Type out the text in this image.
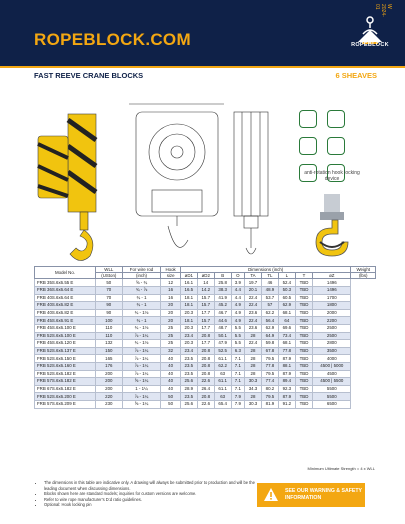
ROPEBLOCK.COM	ROPEBLOCK
W 2024-01
FAST REEVE CRANE BLOCKS	6 SHEAVES

anti-rotation hook locking device
Model No.	WLL	For wire rod	Hook	Dimensions (inch)									Weight
	(USton)	(inch)	size	øD1	øD2	B	O	TA	TL	L	T	øZ	(lbs)
FRB 35S.6x6.55 E	50	⅝ - ¾	12	16.1	14	25.8	3.9	19.7	46	52.4	TBD	1496	
FRB 36S.6x6.64 E	70	¾ - ⅞	16	16.5	14.2	38.3	4.4	20.1	48.9	50.3	TBD	1496	
FRB 40S.6x6.64 E	70	¾ - 1	16	18.1	15.7	41.9	4.4	22.4	53.7	60.5	TBD	1700	
FRB 40S.6x6.82 E	90	¾ - 1	20	18.1	15.7	45.2	4.9	22.4	57	62.9	TBD	1800	
FRB 40S.6x6.82 E	90	¾ - 1⅛	20	20.3	17.7	46.7	4.9	23.6	62.2	68.1	TBD	2000	
FRB 45S.6x6.91 E	100	¾ - 1	20	18.1	15.7	44.6	4.9	22.4	56.4	64	TBD	2200	
FRB 45S.6x6.100 E	110	¾ - 1⅛	25	20.3	17.7	48.7	5.5	23.6	62.9	69.6	TBD	2500	
FRB 52S.6x6.100 E	110	⅞ - 1¼	25	23.4	20.8	50.1	5.5	28	64.9	73.4	TBD	2500	
FRB 45S.6x6.120 E	132	¾ - 1⅛	25	20.3	17.7	47.9	5.5	22.4	59.8	68.1	TBD	2800	
FRB 52S.6x6.137 E	150	⅞ - 1¼	32	23.4	20.8	52.5	6.3	28	67.8	77.8	TBD	3500	
FRB 52S.6x6.150 E	165	⅞ - 1¼	40	23.5	20.8	61.1	7.1	28	79.5	87.9	TBD	4000	
FRB 52S.6x6.160 E	176	⅞ - 1¼	40	23.5	20.8	62.2	7.1	28	77.8	88.1	TBD	4500 | 5000	
FRB 52S.6x6.182 E	200	⅞ - 1¼	40	23.5	20.8	63	7.1	28	79.5	87.9	TBD	4500	
FRB 57S.6x6.182 E	200	⅝ - 1¼	40	25.6	22.6	61.1	7.1	30.3	77.4	89.4	TBD	4500 | 5500	
FRB 67S.6x6.182 E	200	1 - 1¼	40	28.9	26.4	61.1	7.1	34.3	80.2	92.3	TBD	5500	
FRB 52S.6x6.200 E	220	⅞ - 1¼	50	23.5	20.8	63	7.9	28	79.5	87.9	TBD	5500	
FRB 57S.6x6.209 E	230	⅝ - 1¼	50	25.6	22.6	65.4	7.9	30.3	81.9	91.2	TBD	6500	
Minimum Ultimate Strength = 4 x WLL
• The dimensions in this table are indicative only. A drawing will always be submitted prior to production and will be the leading document when discussing dimensions.
• Blocks shown here are standard models; inquiries for custom versions are welcome.
• Refer to wire rope manufacturer's D:d ratio guidelines.
• Optional: Hook locking pin
SEE OUR WARNING & SAFETY INFORMATION
